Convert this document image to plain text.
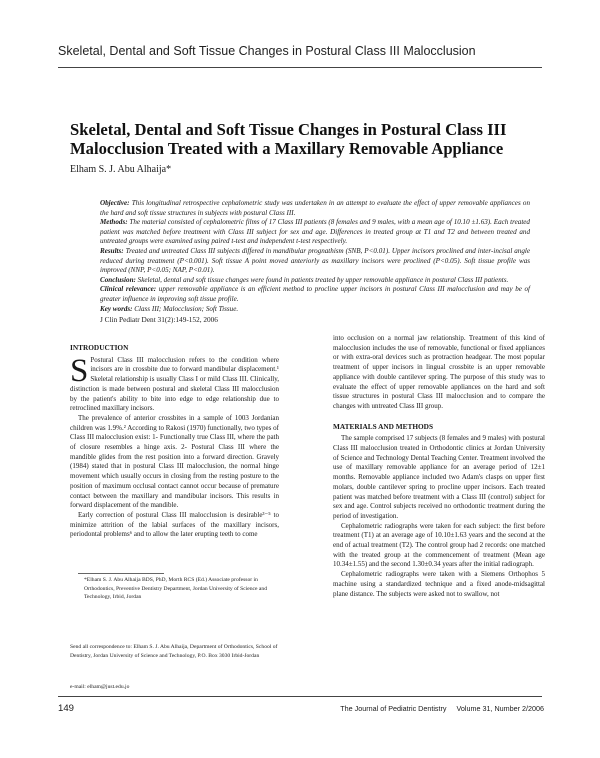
Skeletal, Dental and Soft Tissue Changes in Postural Class III Malocclusion
Skeletal, Dental and Soft Tissue Changes in Postural Class III Malocclusion Treated with a Maxillary Removable Appliance
Elham S. J. Abu Alhaija*

Objective: This longitudinal retrospective cephalometric study was undertaken in an attempt to evaluate the effect of upper removable appliances on the hard and soft tissue structures in subjects with postural Class III.

Methods: The material consisted of cephalometric films of 17 Class III patients (8 females and 9 males, with a mean age of 10.10 ±1.63). Each treated patient was matched before treatment with Class III subject for sex and age. Differences in treated group at T1 and T2 and between treated and untreated groups were examined using paired t-test and independent t-test respectively.

Results: Treated and untreated Class III subjects differed in mandibular prognathism (SNB, P<0.01). Upper incisors proclined and inter-incisal angle reduced during treatment (P<0.001). Soft tissue A point moved anteriorly as maxillary incisors were proclined (P<0.05). Soft tissue profile was improved (NNP, P<0.05; NAP, P<0.01).

Conclusion: Skeletal, dental and soft tissue changes were found in patients treated by upper removable appliance in postural Class III patients.

Clinical relevance: upper removable appliance is an efficient method to procline upper incisors in postural Class III malocclusion and may be of greater influence in improving soft tissue profile.

Key words: Class III; Malocclusion; Soft Tissue.

J Clin Pediatr Dent 31(2):149-152, 2006
INTRODUCTION

S Postural Class III malocclusion refers to the condition where incisors are in crossbite due to forward mandibular displacement.¹ Skeletal relationship is usually Class I or mild Class III. Clinically, distinction is made between postural and skeletal Class III malocclusion by the patient's ability to bite into edge to edge relationship due to retroclined maxillary incisors.

The prevalence of anterior crossbites in a sample of 1003 Jordanian children was 1.9%.² According to Rakosi (1970) functionally, two types of Class III malocclusion exist: 1- Functionally true Class III, where the path of closure resembles a hinge axis. 2- Postural Class III where the mandible glides from the rest position into a forward direction. Gravely (1984) stated that in postural Class III malocclusion, the normal hinge movement which usually occurs in closing from the resting posture to the position of maximum occlusal contact cannot occur because of premature contact between the maxillary and mandibular incisors. This results in forward displacement of the mandible.

Early correction of postural Class III malocclusion is desirable³⁻⁵ to minimize attrition of the labial surfaces of the maxillary incisors, periodontal problems⁶ and to allow the later erupting teeth to come

*Elham S. J. Abu Alhaija BDS, PhD, Morth RCS (Ed.) Associate professor in Orthodontics, Preventive Dentistry Department, Jordan University of Science and Technology, Irbid, Jordan
Send all correspondence to: Elham S. J. Abu Alhaija, Department of Orthodontics, School of Dentistry, Jordan University of Science and Technology, P.O. Box 3030 Irbid-Jordan
e-mail: elham@just.edu.jo

into occlusion on a normal jaw relationship. Treatment of this kind of malocclusion includes the use of removable, functional or fixed appliances or with extra-oral devices such as protraction headgear. The most popular treatment of upper incisors in lingual crossbite is an upper removable appliance with double cantilever spring. The purpose of this study was to evaluate the effect of upper removable appliances on the hard and soft tissue structures in postural Class III malocclusion and to compare the changes with untreated Class III group.

MATERIALS AND METHODS

The sample comprised 17 subjects (8 females and 9 males) with postural Class III malocclusion treated in Orthodontic clinics at Jordan University of Science and Technology Dental Teaching Center. Treatment involved the use of maxillary removable appliance for an average period of 12±1 months. Removable appliance included two Adam's clasps on upper first molars, double cantilever spring to procline upper incisors. Each treated patient was matched before treatment with a Class III (control) subject for sex and age. Control subjects received no orthodontic treatment during the period of investigation.

Cephalometric radiographs were taken for each subject: the first before treatment (T1) at an average age of 10.10±1.63 years and the second at the end of actual treatment (T2). The control group had 2 records: one matched with the treated group at the commencement of treatment (Mean age 10.34±1.55) and the second 1.30±0.34 years after the initial radiograph.

Cephalometric radiographs were taken with a Siemens Orthophos 5 machine using a standardized technique and a fixed anode-midsagittal plane distance. The subjects were asked not to swallow, not

149	The Journal of Pediatric Dentistry     Volume 31, Number 2/2006
